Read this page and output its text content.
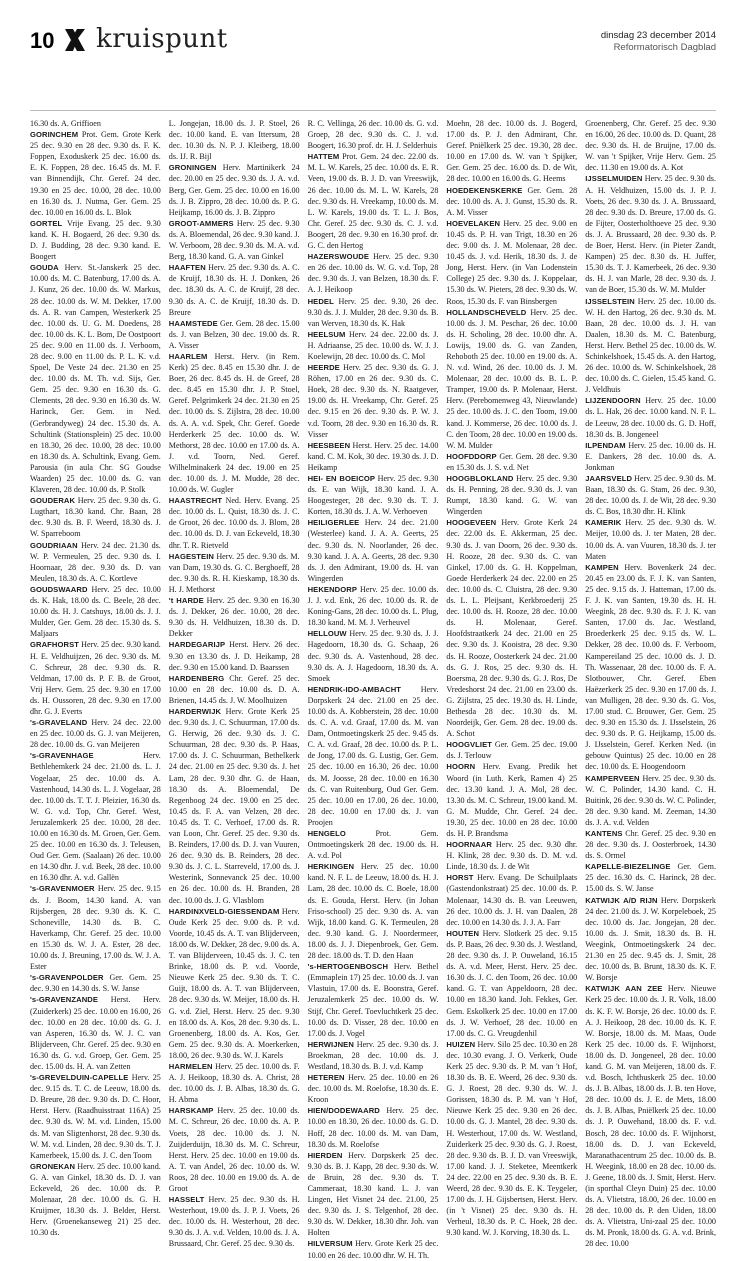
10 kruispunt	dinsdag 23 december 2014
Reformatorisch Dagblad
16.30 ds. A. Griffioen
GORINCHEM Prot. Gem. Grote Kerk 25 dec. 9.30 en 28 dec. 9.30 ds. F. K. Foppen, Exoduskerk 25 dec. 16.00 ds. E. K. Foppen, 28 dec. 16.45 ds. M. F. van Binnendijk, Chr. Geref. 24 dec. 19.30 en 25 dec. 10.00, 28 dec. 10.00 en 16.30 ds. J. Nutma, Ger. Gem. 25 dec. 10.00 en 16.00 ds. L. Blok
GORTEL Vrije Evang. 25 dec. 9.30 kand. K. H. Bogaerd, 26 dec. 9.30 ds. D. J. Budding, 28 dec. 9.30 kand. E. Boogert
GOUDA Herv. St.-Janskerk 25 dec. 10.00 ds. M. C. Batenburg, 17.00 ds. A. J. Kunz, 26 dec. 10.00 ds. W. Markus, 28 dec. 10.00 ds. W. M. Dekker, 17.00 ds. A. R. van Campen, Westerkerk 25 dec. 10.00 ds. U. G. M. Doedens, 28 dec. 10.00 ds. K. L. Bom, De Oostpoort 25 dec. 9.00 en 11.00 ds. J. Verboom, 28 dec. 9.00 en 11.00 ds. P. L. K. v.d. Spoel, De Veste 24 dec. 21.30 en 25 dec. 10.00 ds. M. Th. v.d. Sijs, Ger. Gem. 25 dec. 9.30 en 16.30 ds. G. Clements, 28 dec. 9.30 en 16.30 ds. W. Harinck, Ger. Gem. in Ned. (Gerbrandyweg) 24 dec. 15.30 ds. A. Schultink (Stationsplein) 25 dec. 10.00 en 18.30, 26 dec. 10.00, 28 dec. 10.00 en 18.30 ds. A. Schultink, Evang. Gem. Parousia (in aula Chr. SG Goudse Waarden) 25 dec. 10.00 ds. G. van Klaveren, 28 dec. 10.00 ds. P. Stolk
GOUDERAK Herv. 25 dec. 9.30 ds. G. Lugthart, 18.30 kand. Chr. Baan, 28 dec. 9.30 ds. B. F. Weerd, 18.30 ds. J. W. Sparreboom
GOUDRIAAN Herv. 24 dec. 21.30 ds. W. P. Vermeulen, 25 dec. 9.30 ds. I. Hoornaar, 28 dec. 9.30 ds. D. van Meulen, 18.30 ds. A. C. Kortleve
GOUDSWAARD Herv. 25 dec. 10.00 ds. K. Hak, 18.00 ds. C. Beele, 28 dec. 10.00 ds. H. J. Catshuys, 18.00 ds. J. J. Mulder, Ger. Gem. 28 dec. 15.30 ds. S. Maljaars
GRAFHORST Herv. 25 dec. 9.30 kand. H. E. Veldhuijzen, 26 dec. 9.30 ds. M. C. Schreur, 28 dec. 9.30 ds. R. Veldman, 17.00 ds. P. F. B. de Groot, Vrij Herv. Gem. 25 dec. 9.30 en 17.00 ds. H. Oussoren, 28 dec. 9.30 en 17.00 dhr. G. J. Everts
's-GRAVELAND Herv. 24 dec. 22.00 en 25 dec. 10.00 ds. G. J. van Meijeren, 28 dec. 10.00 ds. G. van Meijeren
's-GRAVENHAGE	Herv. Bethlehemkerk 24 dec. 21.00 ds. L. J. Vogelaar, 25 dec. 10.00 ds. A. Vastenhoud, 14.30 ds. L. J. Vogelaar, 28 dec. 10.00 ds. T. T. J. Pleizier, 16.30 ds. W. G. v.d. Top, Chr. Geref. West, Jeruzalemkerk 25 dec. 10.00, 28 dec. 10.00 en 16.30 ds. M. Groen, Ger. Gem. 25 dec. 10.00 en 16.30 ds. J. Teleusen, Oud Ger. Gem. (Saalaan) 26 dec. 10.00 en 14.30 dhr. J. v.d. Beek, 28 dec. 10.00 en 16.30 dhr. A. v.d. Gallën
's-GRAVENMOER Herv. 25 dec. 9.15 ds. J. Boom, 14.30 kand. A. van Rijsbergen, 28 dec. 9.30 ds. K. C. Schoneville, 14.30 ds. B. C. Haverkamp, Chr. Geref. 25 dec. 10.00 en 15.30 ds. W. J. A. Ester, 28 dec. 10.00 ds. J. Breuning, 17.00 ds. W. J. A. Ester
's-GRAVENPOLDER Ger. Gem. 25 dec. 9.30 en 14.30 ds. S. W. Janse
's-GRAVENZANDE Herst. Herv. (Zuiderkerk) 25 dec. 10.00 en 16.00, 26 dec. 10.00 en 28 dec. 10.00 ds. G. J. van Asperen, 16.30 ds. W. J. C. van Blijderveen, Chr. Geref. 25 dec. 9.30 en 16.30 ds. G. v.d. Groep, Ger. Gem. 25 dec. 15.00 ds. H. A. van Zetten
's-GREVELDUIN-CAPELLE Herv. 25 dec. 9.15 ds. T. C. de Leeuw, 18.00 ds. D. Breure, 28 dec. 9.30 ds. D. C. Hoor, Herst. Herv. (Raadhuisstraat 116A) 25 dec. 9.30 ds. W. M. v.d. Linden, 15.00 ds. M. van Sligtenhorst, 28 dec. 9.30 ds. W. M. v.d. Linden, 28 dec. 9.30 ds. T. J. Kamerbeek, 15.00 ds. J. C. den Toom
GRONEKAN Herv. 25 dec. 10.00 kand. G. A. van Ginkel, 18.30 ds. D. J. van Eckeveld, 26 dec. 10.00 ds. P. Molenaar, 28 dec. 10.00 ds. G. H. Kruijmer, 18.30 ds. J. Belder, Herst. Herv. (Groenekanseweg 21) 25 dec. 10.30 ds.
L. Jongejan, 18.00 ds. J. P. Stoel, 26 dec. 10.00 kand. E. van Ittersum, 28 dec. 10.30 ds. N. P. J. Kleiberg, 18.00 ds. IJ. R. Bijl
GRONINGEN Herv. Martinikerk 24 dec. 20.00 en 25 dec. 9.30 ds. J. A. v.d. Berg, Ger. Gem. 25 dec. 10.00 en 16.00 ds. J. B. Zippro, 28 dec. 10.00 ds. P. G. Heijkamp, 16.00 ds. J. B. Zippro
GROOT-AMMERS Herv. 25 dec. 9.30 ds. A. Bloemendal, 26 dec. 9.30 kand. J. W. Verboom, 28 dec. 9.30 ds. M. A. v.d. Berg, 18.30 kand. G. A. van Ginkel
HAAFTEN Herv. 25 dec. 9.30 ds. A. C. de Kruijf, 18.30 ds. H. J. Donken, 26 dec. 18.30 ds. A. C. de Kruijf, 28 dec. 9.30 ds. A. C. de Kruijf, 18.30 ds. D. Breure
HAAMSTEDE Ger. Gem. 28 dec. 15.00 ds. J. van Belzen, 30 dec. 19.00 ds. R. A. Visser
HAARLEM Herst. Herv. (in Rem. Kerk) 25 dec. 8.45 en 15.30 dhr. J. de Boer, 26 dec. 8.45 ds. H. de Greef, 28 dec. 8.45 en 15.30 dhr. J. P. Stoel, Geref. Pelgrimkerk 24 dec. 21.30 en 25 dec. 10.00 ds. S. Zijlstra, 28 dec. 10.00 ds. A. A. v.d. Spek, Chr. Geref. Goede Herderkerk 25 dec. 10.00 ds. W. Methorst, 28 dec. 10.00 en 17.00 ds. A. J. v.d. Toorn, Ned. Geref. Wilhelminakerk 24 dec. 19.00 en 25 dec. 10.00 ds. J. M. Mudde, 28 dec. 10.00 ds. W. Gugler
HAASTRECHT Ned. Herv. Evang. 25 dec. 10.00 ds. L. Quist, 18.30 ds. J. C. de Groot, 26 dec. 10.00 ds. J. Blom, 28 dec. 10.00 ds. D. J. van Eckeveld, 18.30 dhr. T. R. Rietveld
HAGESTEIN Herv. 25 dec. 9.30 ds. M. van Dam, 19.30 ds. G. C. Berghoeff, 28 dec. 9.30 ds. R. H. Kieskamp, 18.30 ds. H. J. Methorst
't HARDE Herv. 25 dec. 9.30 en 16.30 ds. J. Dekker, 26 dec. 10.00, 28 dec. 9.30 ds. H. Veldhuizen, 18.30 ds. D. Dekker
HARDEGARIJP Herst. Herv. 26 dec. 9.30 en 13.30 ds. J. D. Heikamp, 28 dec. 9.30 en 15.00 kand. D. Baarssen
HARDENBERG Chr. Geref. 25 dec. 10.00 en 28 dec. 10.00 ds. D. A. Brienen, 14.45 ds. J. W. Moolhuizen
HARDERWIJK Herv. Grote Kerk 25 dec. 9.30 ds. J. C. Schuurman, 17.00 ds. G. Herwig, 26 dec. 9.30 ds. J. C. Schuurman, 28 dec. 9.30 ds. P. Haas, 17.00 ds. J. C. Schuurman, Bethelkerk 24 dec. 21.00 en 25 dec. 9.30 ds. J. het Lam, 28 dec. 9.30 dhr. G. de Haan, 18.30 ds. A. Bloemendal, De Regenboog 24 dec. 19.00 en 25 dec. 10.45 ds. F. A. van Velzen, 28 dec. 10.45 ds. T. C. Verhoef, 17.00 ds. R. van Loon, Chr. Geref. 25 dec. 9.30 ds. B. Reinders, 17.00 ds. D. J. van Vuuren, 26 dec. 9.30 ds. B. Reinders, 28 dec. 9.30 ds. J. C. L. Starreveld, 17.00 ds. J. Westerink, Sonnevanck 25 dec. 10.00 en 26 dec. 10.00 ds. H. Branden, 28 dec. 10.00 ds. J. G. Vlasblom
HARDINXVELD-GIESSENDAM Herv. Oude Kerk 25 dec. 9.00 ds. P. v.d. Voorde, 10.45 ds. A. T. van Blijderveen, 18.00 ds. W. Dekker, 28 dec. 9.00 ds. A. T. van Blijderveen, 10.45 ds. J. C. ten Brinke, 18.00 ds. P. v.d. Voorde, Nieuwe Kerk 25 dec. 9.30 ds. T. C. Guijt, 18.00 ds. A. T. van Blijderveen, 28 dec. 9.30 ds. W. Meijer, 18.00 ds. H. G. v.d. Ziel, Herst. Herv. 25 dec. 9.30 en 18.00 ds. A. Kos, 28 dec. 9.30 ds. L. Groenenberg, 18.00 ds. A. Kos, Ger. Gem. 25 dec. 9.30 ds. A. Moerkerken, 18.00, 26 dec. 9.30 ds. W. J. Karels
HARMELEN Herv. 25 dec. 10.00 ds. F. A. J. Heikoop, 18.30 ds. A. Christ, 28 dec. 10.00 ds. J. B. Albas, 18.30 ds. G. H. Abma
HARSKAMP Herv. 25 dec. 10.00 ds. M. C. Schreur, 26 dec. 10.00 ds. A. P. Voets, 28 dec. 10.00 ds. J. N. Zuijderduijn, 18.30 ds. M. C. Schreur, Herst. Herv. 25 dec. 10.00 en 19.00 ds. A. T. van Andel, 26 dec. 10.00 ds. W. Roos, 28 dec. 10.00 en 19.00 ds. A. de Groot
HASSELT Herv. 25 dec. 9.30 ds. H. Westerhout, 19.00 ds. J. P. J. Voets, 26 dec. 10.00 ds. H. Westerhout, 28 dec. 9.30 ds. J. A. v.d. Velden, 10.00 ds. J. A. Brussaard, Chr. Geref. 25 dec. 9.30 ds.
R. C. Vellinga, 26 dec. 10.00 ds. G. v.d. Groep, 28 dec. 9.30 ds. C. J. v.d. Boogert, 16.30 prof. dr. H. J. Selderhuis
HATTEM Prot. Gem. 24 dec. 22.00 ds. M. L. W. Karels, 25 dec. 10.00 ds. E. R. Veen, 19.00 ds. B. J. D. van Vreeswijk, 26 dec. 10.00 ds. M. L. W. Karels, 28 dec. 9.30 ds. H. Vreekamp, 10.00 ds. M. L. W. Karels, 19.00 ds. T. L. J. Bos, Chr. Geref. 25 dec. 9.30 ds. C. J. v.d. Boogert, 28 dec. 9.30 en 16.30 prof. dr. G. C. den Hertog
HAZERSWOUDE Herv. 25 dec. 9.30 en 26 dec. 10.00 ds. W. G. v.d. Top, 28 dec. 9.30 ds. J. van Belzen, 18.30 ds. F. A. J. Heikoop
HEDEL Herv. 25 dec. 9.30, 26 dec. 9.30 ds. J. J. Mulder, 28 dec. 9.30 ds. B. van Werven, 18.30 ds. K. Hak
HEELSUM Herv. 24 dec. 22.00 ds. J. H. Adriaanse, 25 dec. 10.00 ds. W. J. J. Koelewijn, 28 dec. 10.00 ds. C. Mol
HEERDE Herv. 25 dec. 9.30 ds. G. J. Röhen, 17.00 en 26 dec. 9.30 ds. C. Hoek, 28 dec. 9.30 ds. N. Raatgever, 19.00 ds. H. Vreekamp, Chr. Geref. 25 dec. 9.15 en 26 dec. 9.30 ds. P. W. J. v.d. Toorn, 28 dec. 9.30 en 16.30 ds. R. Visser
HEESBEEN Herst. Herv. 25 dec. 14.00 kand. C. M. Kok, 30 dec. 19.30 ds. J. D. Heikamp
HEI- EN BOEICOP Herv. 25 dec. 9.30 ds. E. van Wijk, 18.30 kand. J. A. Hoogesteger, 28 dec. 9.30 ds. T. J. Korten, 18.30 ds. J. A. W. Verhoeven
HEILIGERLEE Herv. 24 dec. 21.00 (Westerlee) kand. J. A. A. Geerts, 25 dec. 9.30 ds. N. Noorlander, 26 dec. 9.30 kand. J. A. A. Geerts, 28 dec. 9.30 ds. J. den Admirant, 19.00 ds. H. van Wingerden
HEKENDORP Herv. 25 dec. 10.00 ds. J. J. v.d. Enk, 26 dec. 10.00 ds. R. de Koning-Gans, 28 dec. 10.00 ds. L. Plug, 18.30 kand. M. M. J. Verheuvel
HELLOUW Herv. 25 dec. 9.30 ds. J. J. Hagedoorn, 18.30 ds. G. Schaap, 26 dec. 9.30 ds. A. Vastenhoud, 28 dec. 9.30 ds. A. J. Hagedoorn, 18.30 ds. A. Smoek
HENDRIK-IDO-AMBACHT Herv. Dorpskerk 24 dec. 21.00 en 25 dec. 10.00 ds. A. Kobberstein, 28 dec. 10.00 ds. C. A. v.d. Graaf, 17.00 ds. M. van Dam, Ontmoetingskerk 25 dec. 9.45 ds. C. A. v.d. Graaf, 28 dec. 10.00 ds. P. L. de Jong, 17.00 ds. G. Lustig, Ger. Gem. 25 dec. 10.00 en 16.30, 26 dec. 10.00 ds. M. Joosse, 28 dec. 10.00 en 16.30 ds. C. van Ruitenburg, Oud Ger. Gem. 25 dec. 10.00 en 17.00, 26 dec. 10.00, 28 dec. 10.00 en 17.00 ds. J. van Proojen
HENGELO	Prot. Gem. Ontmoetingskerk 28 dec. 19.00 ds. H. A. v.d. Pol
HERKINGEN Herv. 25 dec. 10.00 kand. N. F. L. de Leeuw, 18.00 ds. H. J. Lam, 28 dec. 10.00 ds. C. Boele, 18.00 ds. E. Gouda, Herst. Herv. (in Johan Friso-school) 25 dec. 9.30 ds. A. van Wijk, 18.00 kand. G. K. Termeulen, 28 dec. 9.30 kand. G. J. Noordermeer, 18.00 ds. J. J. Diepenbroek, Ger. Gem. 28 dec. 18.00 ds. T. D. den Haan
's-HERTOGENBOSCH Herv. Bethel (Emmaplein 17) 25 dec. 10.00 ds. J. van Vlastuin, 17.00 ds. E. Boonstra, Geref. Jeruzalemkerk 25 dec. 10.00 ds. W. Stijf, Chr. Geref. Toevluchtkerk 25 dec. 10.00 ds. D. Visser, 28 dec. 10.00 en 17.00 ds. J. Vogel
HERWIJNEN Herv. 25 dec. 9.30 ds. J. Broekman, 28 dec. 10.00 ds. J. Westland, 18.30 ds. B. J. v.d. Kamp
HETEREN Herv. 25 dec. 10.00 en 26 dec. 10.00 ds. M. Roelofse, 18.30 ds. E. Kroon
HIEN/DODEWAARD Herv. 25 dec. 10.00 en 18.30, 26 dec. 10.00 ds. G. D. Hoff, 28 dec. 10.00 ds. M. van Dam, 18.30 ds. M. Roelofse
HIERDEN Herv. Dorpskerk 25 dec. 9.30 ds. B. J. Kapp, 28 dec. 9.30 ds. W. de Bruin, 28 dec. 9.30 ds. T. Cammeraat, 18.30 kand. L. J. van Lingen, Het Visnet 24 dec. 21.00, 25 dec. 9.30 ds. J. S. Telgenhof, 28 dec. 9.30 ds. W. Dekker, 18.30 dhr. Joh. van Holten
HILVERSUM Herv. Grote Kerk 25 dec. 10.00 en 26 dec. 10.00 dhr. W. H. Th.
Moehn, 28 dec. 10.00 ds. J. Bogerd, 17.00 ds. P. J. den Admirant, Chr. Geref. Pniëlkerk 25 dec. 19.30, 28 dec. 10.00 en 17.00 ds. W. van 't Spijker, Ger. Gem. 25 dec. 16.00 ds. D. de Wit, 28 dec. 10.00 en 16.00 ds. G. Heems
HOEDEKENSKERKE Ger. Gem. 28 dec. 10.00 ds. A. J. Gunst, 15.30 ds. R. A. M. Visser
HOEVELAKEN Herv. 25 dec. 9.00 en 10.45 ds. P. H. van Trigt, 18.30 en 26 dec. 9.00 ds. J. M. Molenaar, 28 dec. 10.45 ds. J. v.d. Herik, 18.30 ds. J. de Jong, Herst. Herv. (in Van Lodenstein College) 25 dec. 9.30 ds. J. Koppelaar, 15.30 ds. W. Pieters, 28 dec. 9.30 ds. W. Roos, 15.30 ds. F. van Binsbergen
HOLLANDSCHEVELD Herv. 25 dec. 10.00 ds. J. M. Peschar, 26 dec. 10.00 ds. H. Scholing, 28 dec. 10.00 dhr. A. Lowijs, 19.00 ds. G. van Zanden, Rehoboth 25 dec. 10.00 en 19.00 ds. A. N. v.d. Wind, 26 dec. 10.00 ds. J. M. Molenaar, 28 dec. 10.00 ds. B. L. P. Tramper, 19.00 ds. P. Molenaar, Herst. Herv. (Perebomenweg 43, Nieuwlande) 25 dec. 10.00 ds. J. C. den Toom, 19.00 kand. J. Kommerse, 26 dec. 10.00 ds. J. C. den Toom, 28 dec. 10.00 en 19.00 ds. W. M. Mulder
HOOFDDORP Ger. Gem. 28 dec. 9.30 en 15.30 ds. J. S. v.d. Net
HOOGBLOKLAND Herv. 25 dec. 9.30 ds. H. Penning, 28 dec. 9.30 ds. J. van Rumpt, 18.30 kand. G. W. van Wingerden
HOOGEVEEN Herv. Grote Kerk 24 dec. 22.00 ds. E. Akkerman, 25 dec. 9.30 ds. J. van Doorn, 26 dec. 9.30 ds. H. Rooze, 28 dec. 9.30 ds. C. van Ginkel, 17.00 ds. G. H. Koppelman, Goede Herderkerk 24 dec. 22.00 en 25 dec. 10.00 ds. C. Cluistra, 28 dec. 9.30 ds. L. L. Pleijsant, Kerkbroederij 25 dec. 10.00 ds. H. Rooze, 28 dec. 10.00 ds. H. Molenaar, Geref. Hoofdstraatkerk 24 dec. 21.00 en 25 dec. 9.30 ds. J. Kooistra, 28 dec. 9.30 ds. H. Rooze, Oosterkerk 24 dec. 21.00 ds. G. J. Ros, 25 dec. 9.30 ds. H. Boersma, 28 dec. 9.30 ds. G. J. Ros, De Vredeshorst 24 dec. 21.00 en 23.00 ds. G. Zijlstra, 25 dec. 19.30 ds. H. Linde, Bethesda 28 dec. 10.30 ds. M. Noordeijk, Ger. Gem. 28 dec. 19.00 ds. A. Schot
HOOGVLIET Ger. Gem. 25 dec. 19.00 ds. J. Terlouw
HOORN Herv. Evang. Predik het Woord (in Luth. Kerk, Ramen 4) 25 dec. 13.30 kand. J. A. Mol, 28 dec. 13.30 ds. M. C. Schreur, 19.00 kand. M. G. M. Mudde, Chr. Geref. 24 dec. 19.30, 25 dec. 10.00 en 28 dec. 10.00 ds. H. P. Brandsma
HOORNAAR Herv. 25 dec. 9.30 dhr. H. Klink, 28 dec. 9.30 ds. D. M. v.d. Linde, 18.30 ds. J. de Wit
HORST Herv. Evang. De Schuilplaats (Gastendonkstraat) 25 dec. 10.00 ds. P. Molenaar, 14.30 ds. B. van Leeuwen, 26 dec. 10.00 ds. J. H. van Daalen, 28 dec. 10.00 en 14.30 ds. J. J. A. Farr
HOUTEN Herv. Slotkerk 25 dec. 9.15 ds. P. Baas, 26 dec. 9.30 ds. J. Westland, 28 dec. 9.30 ds. J. P. Ouweland, 16.15 ds. A. v.d. Meer, Herst. Herv. 25 dec. 16.30 ds. J. C. den Toom, 26 dec. 10.00 kand. G. T. van Appeldoorn, 28 dec. 10.00 en 18.30 kand. Joh. Fekkes, Ger. Gem. Eskolkerk 25 dec. 10.00 en 17.00 ds. J. W. Verhoef, 28 dec. 10.00 en 17.00 ds. C. G. Vreugdenhil
HUIZEN Herv. Silo 25 dec. 10.30 en 28 dec. 10.30 evang. J. O. Verkerk, Oude Kerk 25 dec. 9.30 ds. P. M. van 't Hof, 18.30 ds. B. E. Weerd, 26 dec. 9.30 ds. G. J. Roest, 28 dec. 9.30 ds. W. J. Gorissen, 18.30 ds. P. M. van 't Hof, Nieuwe Kerk 25 dec. 9.30 en 26 dec. 10.00 ds. G. J. Mantel, 28 dec. 9.30 ds. H. Westerhout, 17.00 ds. W. Westland, Zuiderkerk 25 dec. 9.30 ds. G. J. Roest, 28 dec. 9.30 ds. B. J. D. van Vreeswijk, 17.00 kand. J. J. Steketee, Meentkerk 24 dec. 22.00 en 25 dec. 9.30 ds. B. E. Weerd, 28 dec. 9.30 ds. E. K. Teygeler, 17.00 ds. J. H. Gijsbertsen, Herst. Herv. (in 't Visnet) 25 dec. 9.30 ds. H. Verheul, 18.30 ds. P. C. Hoek, 28 dec. 9.30 kand. W. J. Korving, 18.30 ds. L.
Groenenberg, Chr. Geref. 25 dec. 9.30 en 16.00, 26 dec. 10.00 ds. D. Quant, 28 dec. 9.30 ds. H. de Bruijne, 17.00 ds. W. van 't Spijker, Vrije Herv. Gem. 25 dec. 11.30 en 19.00 ds. A. Kot
IJSSELMUIDEN Herv. 25 dec. 9.30 ds. A. H. Veldhuizen, 15.00 ds. J. P. J. Voets, 26 dec. 9.30 ds. J. A. Brussaard, 28 dec. 9.30 ds. D. Breure, 17.00 ds. G. de Fijter, Oosterholthoeve 25 dec. 9.30 ds. J. A. Brussaard, 28 dec. 9.30 ds. P. de Boer, Herst. Herv. (in Pieter Zandt, Kampen) 25 dec. 8.30 ds. H. Juffer, 15.30 ds. T. J. Kamerbeek, 26 dec. 9.30 ds. H. J. van Marle, 28 dec. 9.30 ds. J. van de Boer, 15.30 ds. W. M. Mulder
IJSSELSTEIN Herv. 25 dec. 10.00 ds. W. H. den Hartog, 26 dec. 9.30 ds. M. Baan, 28 dec. 10.00 ds. J. H. van Daalen, 18.30 ds. M. C. Batenburg, Herst. Herv. Bethel 25 dec. 10.00 ds. W. Schinkelshoek, 15.45 ds. A. den Hartog, 26 dec. 10.00 ds. W. Schinkelshoek, 28 dec. 10.00 ds. C. Gielen, 15.45 kand. G. J. Veldhuis
LIJZENDOORN Herv. 25 dec. 10.00 ds. L. Hak, 26 dec. 10.00 kand. N. F. L. de Leeuw, 28 dec. 10.00 ds. G. D. Hoff, 18.30 ds. B. Jongeneel
ILPENDAM Herv. 25 dec. 10.00 ds. H. E. Dankers, 28 dec. 10.00 ds. A. Jonkman
JAARSVELD Herv. 25 dec. 9.30 ds. M. Baan, 18.30 ds. G. Stam, 26 dec. 9.30, 28 dec. 10.00 ds. J. de Wit, 28 dec. 9.30 ds. C. Bos, 18.30 dhr. H. Klink
KAMERIK Herv. 25 dec. 9.30 ds. W. Meijer, 10.00 ds. J. ter Maten, 28 dec. 10.00 ds. A. van Vuuren, 18.30 ds. J. ter Maten
KAMPEN Herv. Bovenkerk 24 dec. 20.45 en 23.00 ds. F. J. K. van Santen, 25 dec. 9.15 ds. J. Hatteman, 17.00 ds. F. J. K. van Santen, 19.30 ds. H. H. Weegink, 28 dec. 9.30 ds. F. J. K. van Santen, 17.00 ds. Jac. Westland, Broederkerk 25 dec. 9.15 ds. W. L. Dekker, 28 dec. 10.00 ds. F. Verboom, Kampereiland 25 dec. 10.00 ds. J. D. Th. Wassenaar, 28 dec. 10.00 ds. F. A. Slotbouwer, Chr. Geref. Eben Haëzerkerk 25 dec. 9.30 en 17.00 ds. J. van Mulligen, 28 dec. 9.30 ds. G. Vos, 17.00 stud. C. Brouwer, Ger. Gem. 25 dec. 9.30 en 15.30 ds. J. IJsselstein, 26 dec. 9.30 ds. P. G. Heijkamp, 15.00 ds. J. IJsselstein, Geref. Kerken Ned. (in gebouw Quintus) 25 dec. 10.00 en 28 dec. 10.00 ds. E. Hoogendoorn
KAMPERVEEN Herv. 25 dec. 9.30 ds. W. C. Polinder, 14.30 kand. C. H. Buitink, 26 dec. 9.30 ds. W. C. Polinder, 28 dec. 9.30 kand. M. Zeeman, 14.30 ds. J. A. v.d. Velden
KANTENS Chr. Geref. 25 dec. 9.30 en 28 dec. 9.30 ds. J. Oosterbroek, 14.30 ds. S. Ormel
KAPELLE-BIEZELINGE Ger. Gem. 25 dec. 16.30 ds. C. Harinck, 28 dec. 15.00 ds. S. W. Janse
KATWIJK A/D RIJN Herv. Dorpskerk 24 dec. 21.00 ds. J. W. Korpeleboek, 25 dec. 10.00 ds. Jac. Jongejan, 28 dec. 10.00 ds. J. Smit, 18.30 ds. B. H. Weegink, Ontmoetingskerk 24 dec. 21.30 en 25 dec. 9.45 ds. J. Smit, 28 dec. 10.00 ds. B. Brunt, 18.30 ds. K. F. W. Borsje
KATWIJK AAN ZEE Herv. Nieuwe Kerk 25 dec. 10.00 ds. J. R. Volk, 18.00 ds. K. F. W. Borsje, 26 dec. 10.00 ds. F. A. J. Heikoop, 28 dec. 10.00 ds. K. F. W. Borsje, 18.00 ds. M. Maas, Oude Kerk 25 dec. 10.00 ds. F. Wijnhorst, 18.00 ds. D. Jongeneel, 28 dec. 10.00 kand. G. M. van Meijeren, 18.00 ds. F. v.d. Bosch, Ichthuskerk 25 dec. 10.00 ds. J. B. Albas, 18.00 ds. J. B. ten Hove, 28 dec. 10.00 ds. J. E. de Mets, 18.00 ds. J. B. Albas, Pniëlkerk 25 dec. 10.00 ds. J. P. Ouwehand, 18.00 ds. F. v.d. Bosch, 28 dec. 10.00 ds. F. Wijnhorst, 18.00 ds. D. J. van Eckeveld, Maranathacentrum 25 dec. 10.00 ds. B. H. Weegink, 18.00 en 28 dec. 10.00 ds. J. Geene, 18.00 ds. J. Smit, Herst. Herv. (in sporthal Cleyn Duin) 25 dec. 10.00 ds. A. Vlietstra, 18.00, 26 dec. 10.00 en 28 dec. 10.00 ds. P. den Uiden, 18.00 ds. A. Vlietstra, Uni-zaal 25 dec. 10.00 ds. M. Pronk, 18.00 ds. G. A. v.d. Brink, 28 dec. 10.00
